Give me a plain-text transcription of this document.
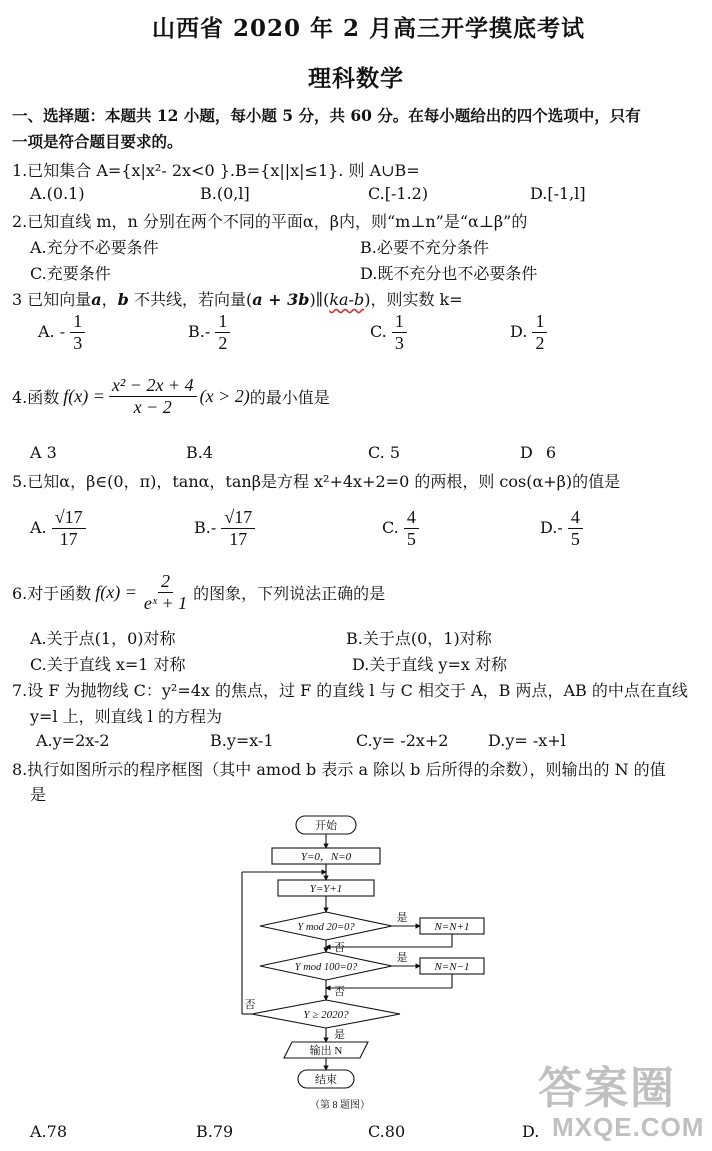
山西省 2020 年 2 月高三开学摸底考试
理科数学
一、选择题：本题共 12 小题，每小题 5 分，共 60 分。在每小题给出的四个选项中，只有
一项是符合题目要求的。
1.已知集合 A={x|x²- 2x<0 }.B={x||x|≤1}. 则 A∪B=
A.(0.1)	B.(0,l]	C.[-1.2)	D.[-1,l]
2.已知直线 m，n 分别在两个不同的平面α，β内，则“m⊥n”是“α⊥β”的
A.充分不必要条件	B.必要不充分条件
C.充要条件	D.既不充分也不必要条件
3 已知向量a，b 不共线，若向量(a + 3b)∥(ka-b)，则实数 k=
A. - $\frac{1}{3}$	$B.- \frac{1}{2}$	C. $\frac{1}{3}$	D. $\frac{1}{2}$
4.函数 $f(x) = \frac{\text{x² − 2x + 4}}{x - 2} (x > 2)$ 的最小值是
A 3	B.4	C. 5	D 6
5.已知α，β∈(0，π)，tanα，tanβ是方程 x²+4x+2=0 的两根，则 cos(α+β)的值是
A. $\frac{√17}{17}$	$B.- \frac{√17}{17}$	C. $\frac{4}{5}$	$D.- \frac{4}{5}$
6.对于函数 $f(x) = \frac{2}{\text{eˣ + 1}}$ 的图象，下列说法正确的是
A.关于点(1，0)对称	B.关于点(0，1)对称
C.关于直线 x=1 对称	D.关于直线 y=x 对称
7.设 F 为抛物线 C：y²=4x 的焦点，过 F 的直线 l 与 C 相交于 A，B 两点，AB 的中点在直线
y=l 上，则直线 l 的方程为
A.y=2x-2	B.y=x-1	C.y= -2x+2 D.y= -x+l
8.执行如图所示的程序框图（其中 amod b 表示 a 除以 b 后所得的余数），则输出的 N 的值
是
开始
Y=0，N=0
Y=Y+1
Y mod 20=0?	N=N+1
是
否
Y mod 100=0?	N=N−1
是
否
Y ≥ 2020?
否
是
输出 N
结束
（第 8 题图）
A.78	B.79	C.80	D.
答案圈
MXQE.COM
